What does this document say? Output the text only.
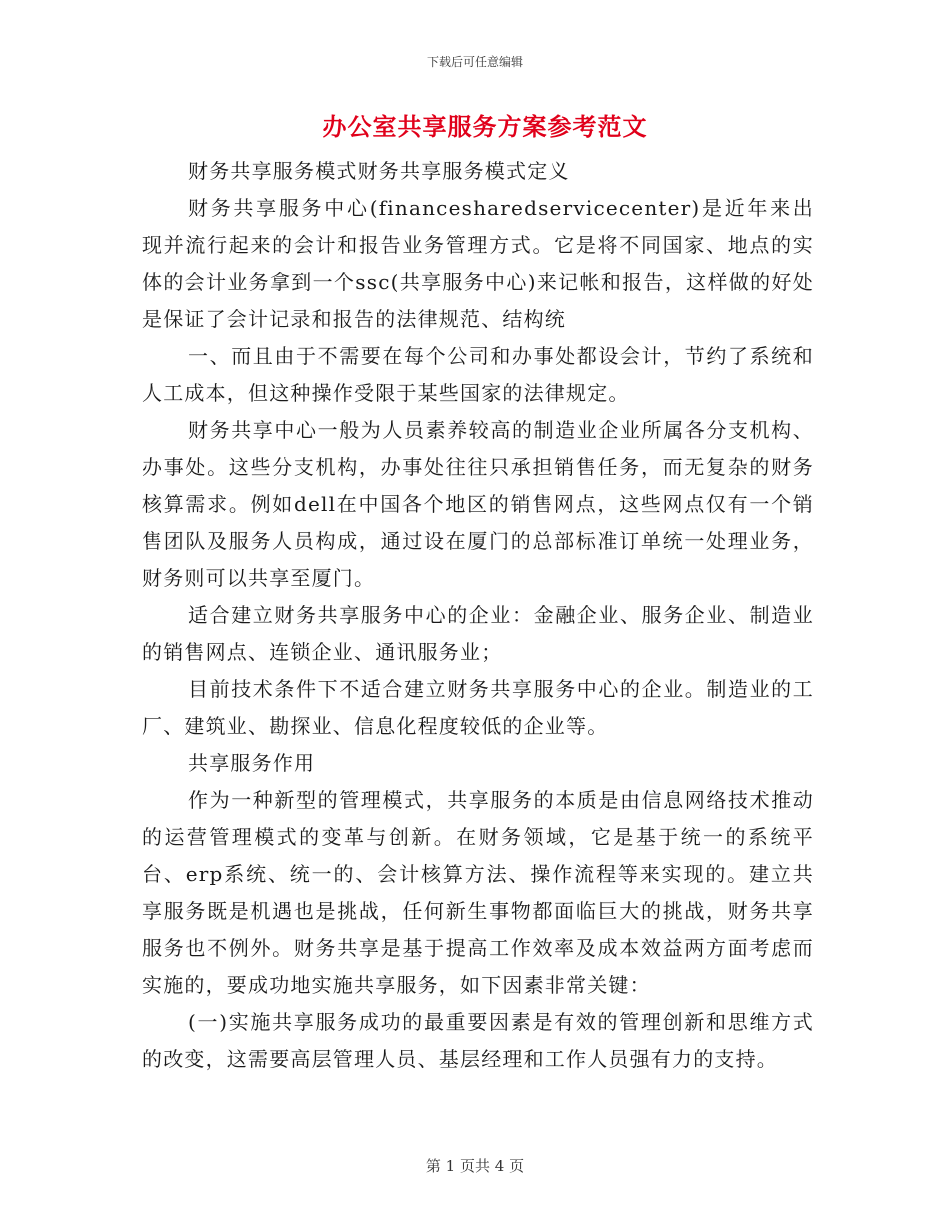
下载后可任意编辑
办公室共享服务方案参考范文

财务共享服务模式财务共享服务模式定义

财务共享服务中心(financesharedservicecenter)是近年来出现并流行起来的会计和报告业务管理方式。它是将不同国家、地点的实体的会计业务拿到一个ssc(共享服务中心)来记帐和报告，这样做的好处是保证了会计记录和报告的法律规范、结构统

一、而且由于不需要在每个公司和办事处都设会计，节约了系统和人工成本，但这种操作受限于某些国家的法律规定。

财务共享中心一般为人员素养较高的制造业企业所属各分支机构、办事处。这些分支机构，办事处往往只承担销售任务，而无复杂的财务核算需求。例如dell在中国各个地区的销售网点，这些网点仅有一个销售团队及服务人员构成，通过设在厦门的总部标准订单统一处理业务，财务则可以共享至厦门。

适合建立财务共享服务中心的企业：金融企业、服务企业、制造业的销售网点、连锁企业、通讯服务业；

目前技术条件下不适合建立财务共享服务中心的企业。制造业的工厂、建筑业、勘探业、信息化程度较低的企业等。

共享服务作用

作为一种新型的管理模式，共享服务的本质是由信息网络技术推动的运营管理模式的变革与创新。在财务领域，它是基于统一的系统平台、erp系统、统一的、会计核算方法、操作流程等来实现的。建立共享服务既是机遇也是挑战，任何新生事物都面临巨大的挑战，财务共享服务也不例外。财务共享是基于提高工作效率及成本效益两方面考虑而实施的，要成功地实施共享服务，如下因素非常关键：

(一)实施共享服务成功的最重要因素是有效的管理创新和思维方式的改变，这需要高层管理人员、基层经理和工作人员强有力的支持。

第 1 页共 4 页
